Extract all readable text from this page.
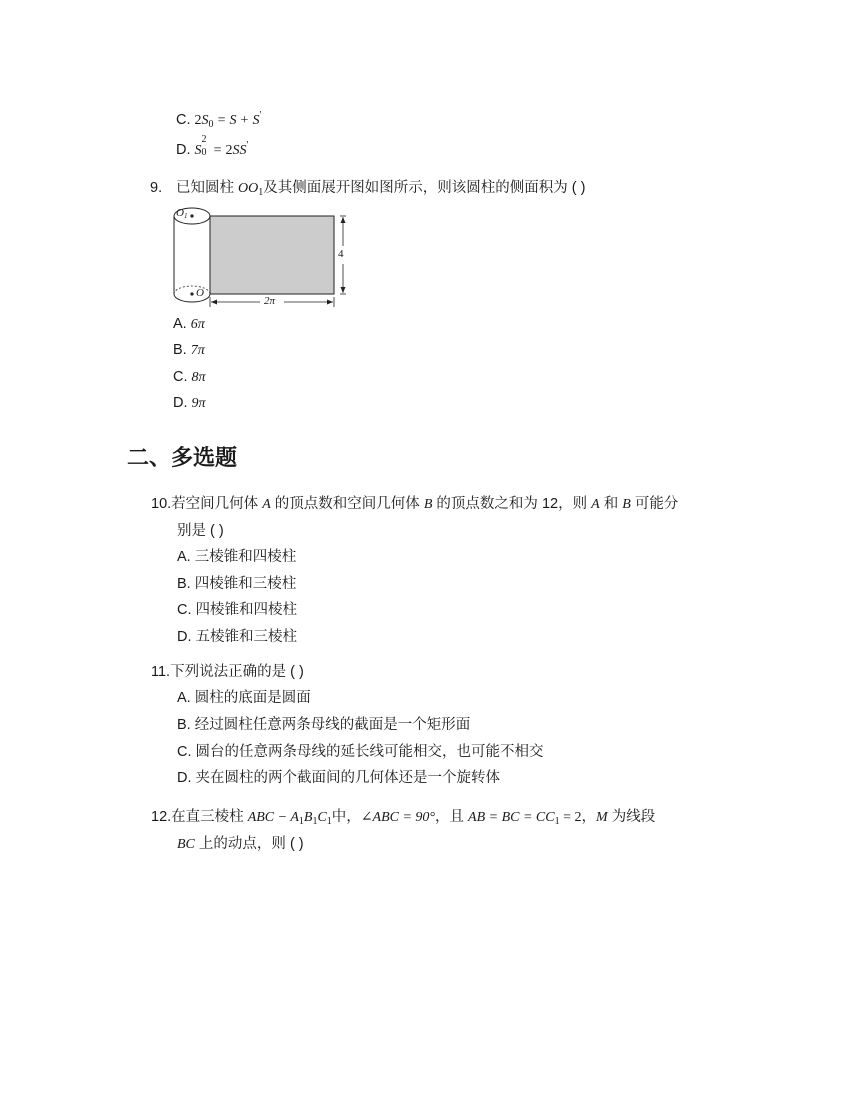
C. $2S_0 = S + S'$
D. S
2
0 = 2SS'
9. 已知圆柱 $OO_1$及其侧面展开图如图所示，则该圆柱的侧面积为 ( )
O1
O
4
2π
A. 6π
B. 7π
C. 8π
D. 9π
二、多选题
10.若空间几何体 A 的顶点数和空间几何体 B 的顶点数之和为 12，则 A 和 B 可能分
别是 ( )
A. 三棱锥和四棱柱
B. 四棱锥和三棱柱
C. 四棱锥和四棱柱
D. 五棱锥和三棱柱
11.下列说法正确的是 ( )
A. 圆柱的底面是圆面
B. 经过圆柱任意两条母线的截面是一个矩形面
C. 圆台的任意两条母线的延长线可能相交，也可能不相交
D. 夹在圆柱的两个截面间的几何体还是一个旋转体
12.在直三棱柱 ABC − $A_1B_1C_1$中，∠ABC = 90°，且 AB = BC = $CC_1 = 2$，M 为线段
BC 上的动点，则 ( )
